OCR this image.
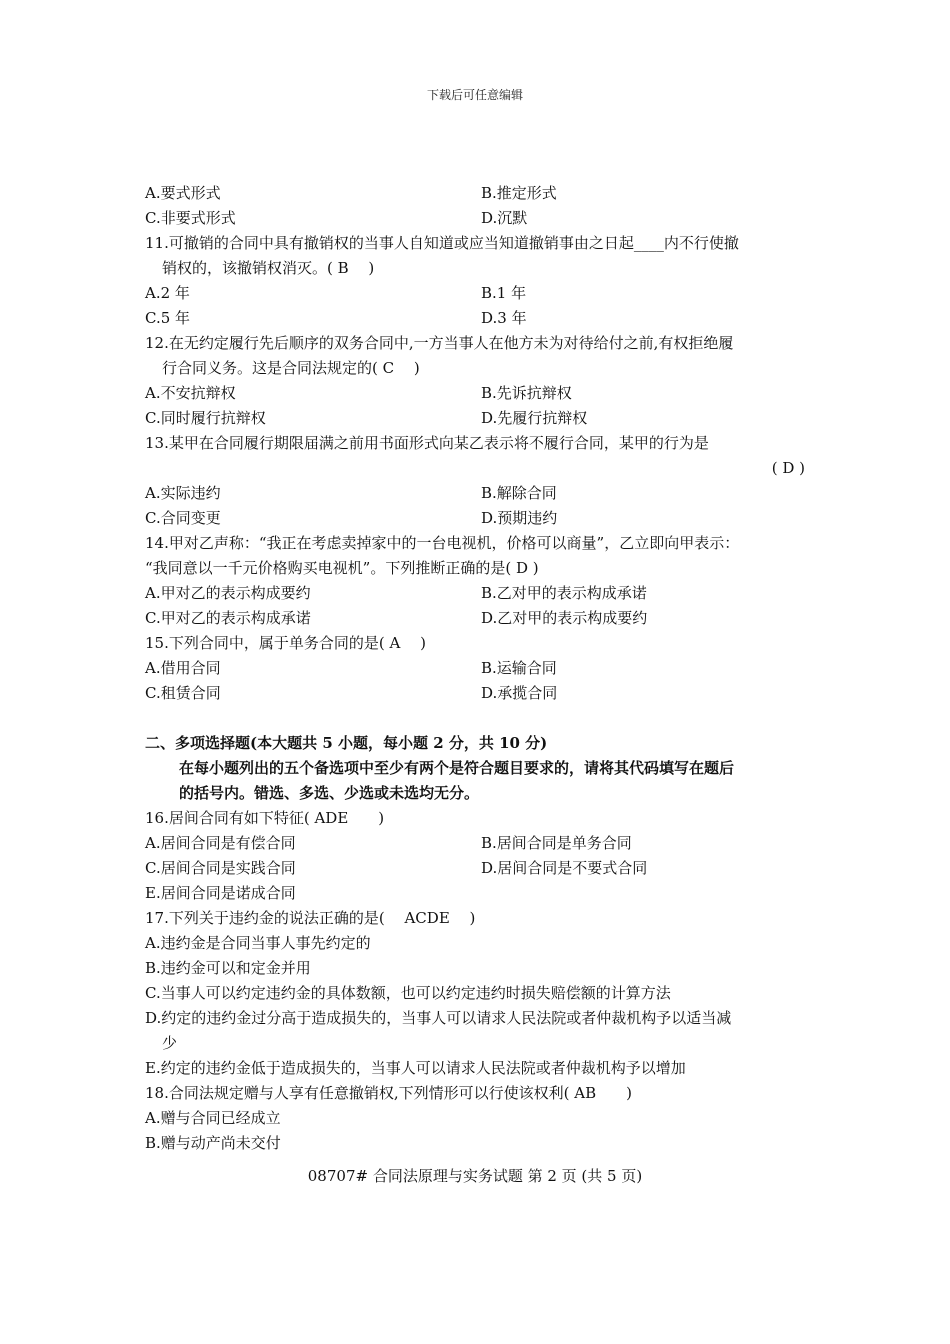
下载后可任意编辑
A.要式形式	B.推定形式
C.非要式形式	D.沉默
11.可撤销的合同中具有撤销权的当事人自知道或应当知道撤销事由之日起____内不行使撤
销权的，该撤销权消灭。( B　 )
A.2 年	B.1 年
C.5 年	D.3 年
12.在无约定履行先后顺序的双务合同中,一方当事人在他方未为对待给付之前,有权拒绝履
行合同义务。这是合同法规定的( C　 )
A.不安抗辩权	B.先诉抗辩权
C.同时履行抗辩权	D.先履行抗辩权
13.某甲在合同履行期限届满之前用书面形式向某乙表示将不履行合同，某甲的行为是
( D )
A.实际违约	B.解除合同
C.合同变更	D.预期违约
14.甲对乙声称：“我正在考虑卖掉家中的一台电视机，价格可以商量”，乙立即向甲表示：
“我同意以一千元价格购买电视机”。下列推断正确的是( D )
A.甲对乙的表示构成要约	B.乙对甲的表示构成承诺
C.甲对乙的表示构成承诺	D.乙对甲的表示构成要约
15.下列合同中，属于单务合同的是( A　 )
A.借用合同	B.运输合同
C.租赁合同	D.承揽合同
二、多项选择题(本大题共 5 小题，每小题 2 分，共 10 分)
在每小题列出的五个备选项中至少有两个是符合题目要求的，请将其代码填写在题后
的括号内。错选、多选、少选或未选均无分。
16.居间合同有如下特征( ADE　　)
A.居间合同是有偿合同	B.居间合同是单务合同
C.居间合同是实践合同	D.居间合同是不要式合同
E.居间合同是诺成合同
17.下列关于违约金的说法正确的是(　 ACDE　 )
A.违约金是合同当事人事先约定的
B.违约金可以和定金并用
C.当事人可以约定违约金的具体数额，也可以约定违约时损失赔偿额的计算方法
D.约定的违约金过分高于造成损失的，当事人可以请求人民法院或者仲裁机构予以适当减
少
E.约定的违约金低于造成损失的，当事人可以请求人民法院或者仲裁机构予以增加
18.合同法规定赠与人享有任意撤销权,下列情形可以行使该权利( AB　　)
A.赠与合同已经成立
B.赠与动产尚未交付
08707# 合同法原理与实务试题 第 2 页 (共 5 页)
